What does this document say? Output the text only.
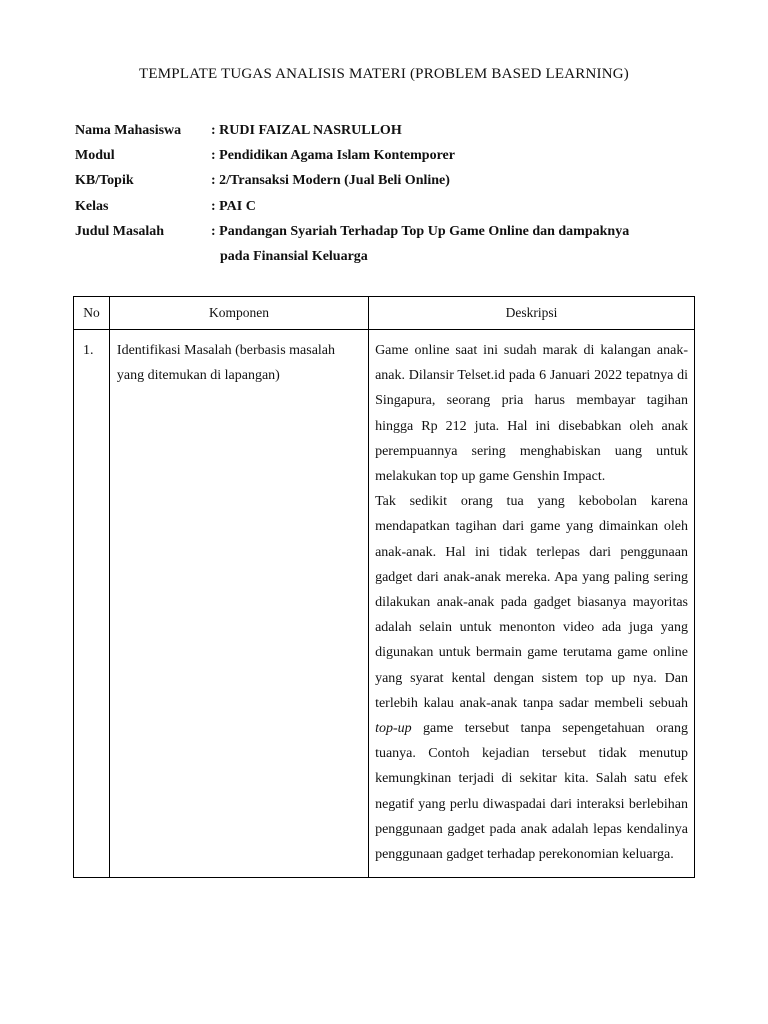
TEMPLATE TUGAS ANALISIS MATERI (PROBLEM BASED LEARNING)
Nama Mahasiswa	: RUDI FAIZAL NASRULLOH
Modul	: Pendidikan Agama Islam Kontemporer
KB/Topik	: 2/Transaksi Modern (Jual Beli Online)
Kelas	: PAI C
Judul Masalah	: Pandangan Syariah Terhadap Top Up Game Online dan dampaknya
pada Finansial Keluarga
No	Komponen	Deskripsi
1.	Identifikasi Masalah (berbasis masalah yang ditemukan di lapangan)	Game online saat ini sudah marak di kalangan anak-anak. Dilansir Telset.id pada 6 Januari 2022 tepatnya di Singapura, seorang pria harus membayar tagihan hingga Rp 212 juta. Hal ini disebabkan oleh anak perempuannya sering menghabiskan uang untuk melakukan top up game Genshin Impact.

Tak sedikit orang tua yang kebobolan karena mendapatkan tagihan dari game yang dimainkan oleh anak-anak. Hal ini tidak terlepas dari penggunaan gadget dari anak-anak mereka. Apa yang paling sering dilakukan anak-anak pada gadget biasanya mayoritas adalah selain untuk menonton video ada juga yang digunakan untuk bermain game terutama game online yang syarat kental dengan sistem top up nya. Dan terlebih kalau anak-anak tanpa sadar membeli sebuah top-up game tersebut tanpa sepengetahuan orang tuanya. Contoh kejadian tersebut tidak menutup kemungkinan terjadi di sekitar kita. Salah satu efek negatif yang perlu diwaspadai dari interaksi berlebihan penggunaan gadget pada anak adalah lepas kendalinya penggunaan gadget terhadap perekonomian keluarga.
